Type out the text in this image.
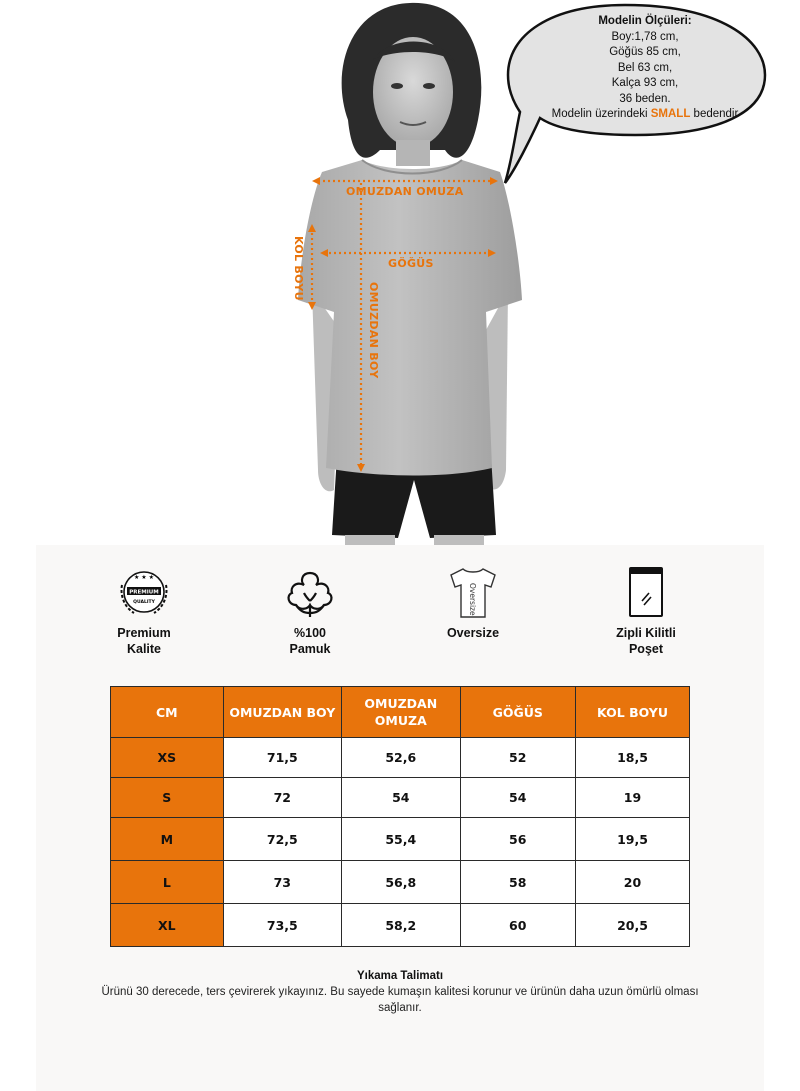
OMUZDAN OMUZA
GÖĞÜS
KOL BOYU
OMUZDAN BOY
Modelin Ölçüleri:
Boy:1,78 cm,
Göğüs 85 cm,
Bel 63 cm,
Kalça 93 cm,
36 beden.
Modelin üzerindeki SMALL bedendir
★ ★ ★
PREMIUM
QUALITY
Premium
Kalite
%100
Pamuk
Oversize
Oversize	Zipli Kilitli
Poşet
CM	OMUZDAN BOY	OMUZDAN OMUZA	GÖĞÜS	KOL BOYU
XS	71,5	52,6	52	18,5
S	72	54	54	19
M	72,5	55,4	56	19,5
L	73	56,8	58	20
XL	73,5	58,2	60	20,5
Yıkama Talimatı
Ürünü 30 derecede, ters çevirerek yıkayınız. Bu sayede kumaşın kalitesi korunur ve ürünün daha uzun ömürlü olması sağlanır.
